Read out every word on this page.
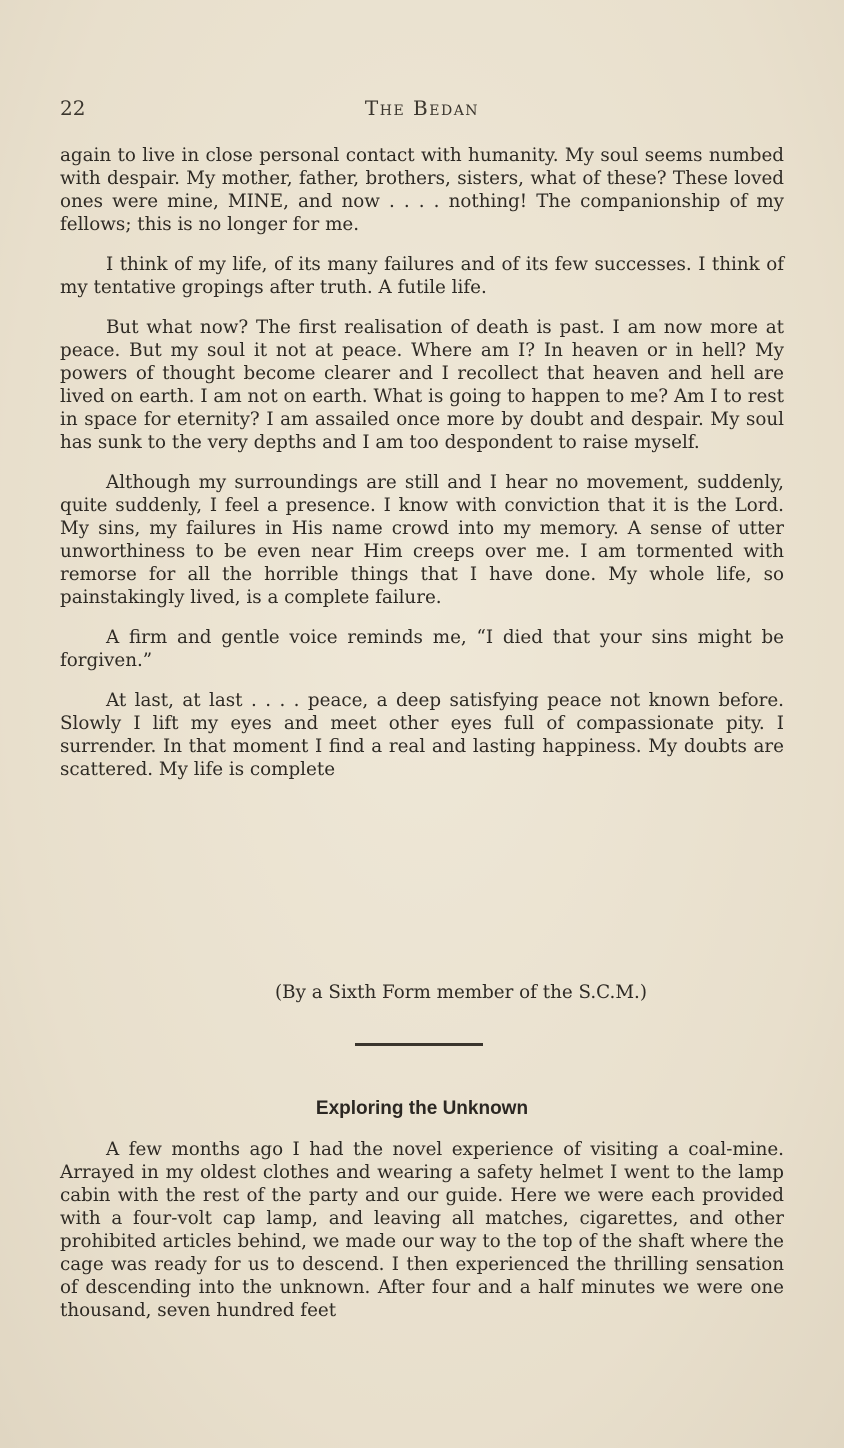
22	The Bedan

again to live in close personal contact with humanity. My soul seems numbed with despair. My mother, father, brothers, sisters, what of these? These loved ones were mine, MINE, and now . . . . nothing! The companionship of my fellows; this is no longer for me.

I think of my life, of its many failures and of its few successes. I think of my tentative gropings after truth. A futile life.

But what now? The first realisation of death is past. I am now more at peace. But my soul it not at peace. Where am I? In heaven or in hell? My powers of thought become clearer and I recollect that heaven and hell are lived on earth. I am not on earth. What is going to happen to me? Am I to rest in space for eternity? I am assailed once more by doubt and despair. My soul has sunk to the very depths and I am too despondent to raise myself.

Although my surroundings are still and I hear no movement, suddenly, quite suddenly, I feel a presence. I know with conviction that it is the Lord. My sins, my failures in His name crowd into my memory. A sense of utter unworthiness to be even near Him creeps over me. I am tormented with remorse for all the horrible things that I have done. My whole life, so painstakingly lived, is a complete failure.

A firm and gentle voice reminds me, “I died that your sins might be forgiven.”

At last, at last . . . . peace, a deep satisfying peace not known before. Slowly I lift my eyes and meet other eyes full of compassionate pity. I surrender. In that moment I find a real and lasting happiness. My doubts are scattered. My life is complete

(By a Sixth Form member of the S.C.M.)
Exploring the Unknown

A few months ago I had the novel experience of visiting a coal-mine. Arrayed in my oldest clothes and wearing a safety helmet I went to the lamp cabin with the rest of the party and our guide. Here we were each provided with a four-volt cap lamp, and leaving all matches, cigarettes, and other prohibited articles behind, we made our way to the top of the shaft where the cage was ready for us to descend. I then experienced the thrilling sensation of descending into the unknown. After four and a half minutes we were one thousand, seven hundred feet
